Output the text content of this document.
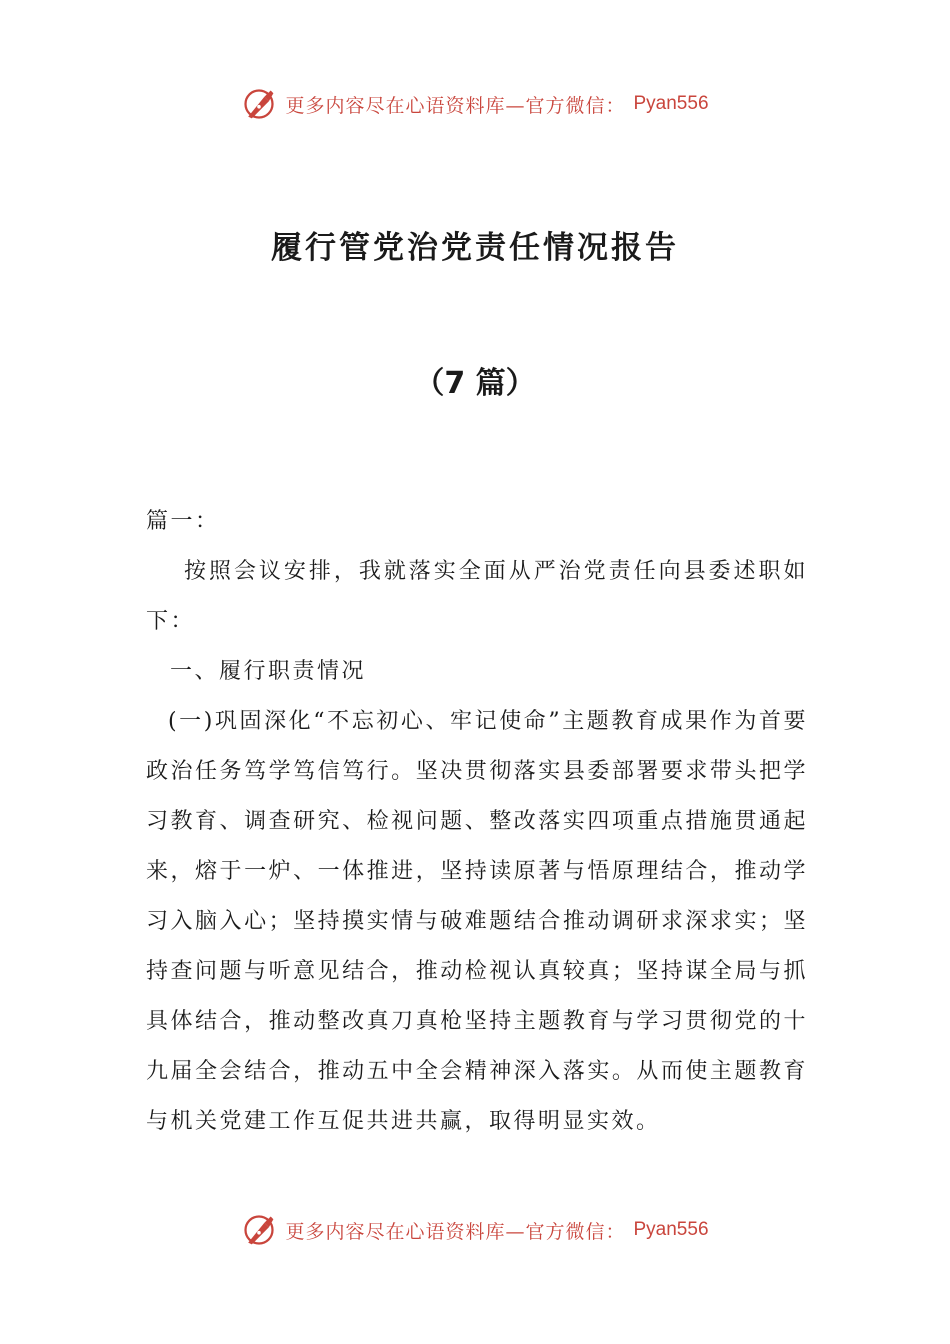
更多内容尽在心语资料库—官方微信： Pyan556
履行管党治党责任情况报告
（7 篇）

篇一：

按照会议安排，我就落实全面从严治党责任向县委述职如下：

一、履行职责情况

(一)巩固深化“不忘初心、牢记使命”主题教育成果作为首要政治任务笃学笃信笃行。坚决贯彻落实县委部署要求带头把学习教育、调查研究、检视问题、整改落实四项重点措施贯通起来，熔于一炉、一体推进，坚持读原著与悟原理结合，推动学习入脑入心；坚持摸实情与破难题结合推动调研求深求实；坚持查问题与听意见结合，推动检视认真较真；坚持谋全局与抓具体结合，推动整改真刀真枪坚持主题教育与学习贯彻党的十九届全会结合，推动五中全会精神深入落实。从而使主题教育与机关党建工作互促共进共赢，取得明显实效。

更多内容尽在心语资料库—官方微信： Pyan556
